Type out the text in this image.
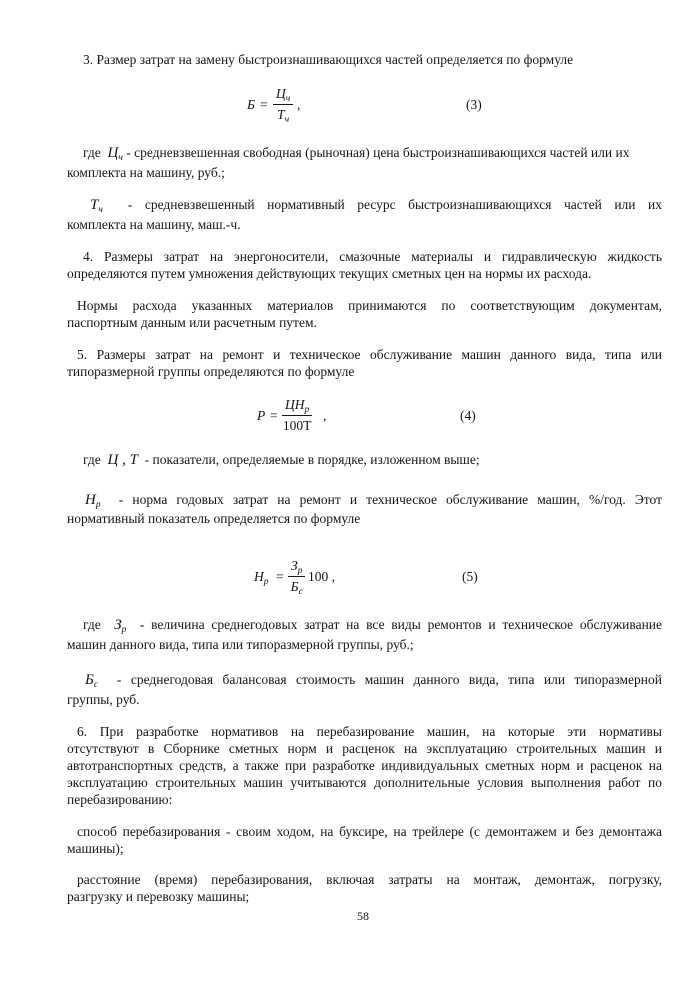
3. Размер затрат на замену быстроизнашивающихся частей определяется по формуле
Б =
$Ц_ч$
$Т_ч$
,	(3)
где $Ц_ч$ - средневзвешенная свободная (рыночная) цена быстроизнашивающихся частей или их
комплекта на машину, руб.;
$Т_ч$ - средневзвешенный нормативный ресурс быстроизнашивающихся частей или их
комплекта на машину, маш.-ч.
4. Размеры затрат на энергоносители, смазочные материалы и гидравлическую жидкость
определяются путем умножения действующих текущих сметных цен на нормы их расхода.
Нормы расхода указанных материалов принимаются по соответствующим документам,
паспортным данным или расчетным путем.
5. Размеры затрат на ремонт и техническое обслуживание машин данного вида, типа или
типоразмерной группы определяются по формуле
Р =
$ЦН_р$
100Т
,	(4)
где Ц , Т - показатели, определяемые в порядке, изложенном выше;
$Н_р$ - норма годовых затрат на ремонт и техническое обслуживание машин, %/год. Этот
нормативный показатель определяется по формуле
$Н_р$ =
$З_р$
$Б_с$
100 ,	(5)
где $З_р$ - величина среднегодовых затрат на все виды ремонтов и техническое обслуживание
машин данного вида, типа или типоразмерной группы, руб.;
$Б_с$ - среднегодовая балансовая стоимость машин данного вида, типа или типоразмерной
группы, руб.
6. При разработке нормативов на перебазирование машин, на которые эти нормативы
отсутствуют в Сборнике сметных норм и расценок на эксплуатацию строительных машин и
автотранспортных средств, а также при разработке индивидуальных сметных норм и расценок на
эксплуатацию строительных машин учитываются дополнительные условия выполнения работ по
перебазированию:
способ перебазирования - своим ходом, на буксире, на трейлере (с демонтажем и без демонтажа
машины);
расстояние (время) перебазирования, включая затраты на монтаж, демонтаж, погрузку,
разгрузку и перевозку машины;
58
